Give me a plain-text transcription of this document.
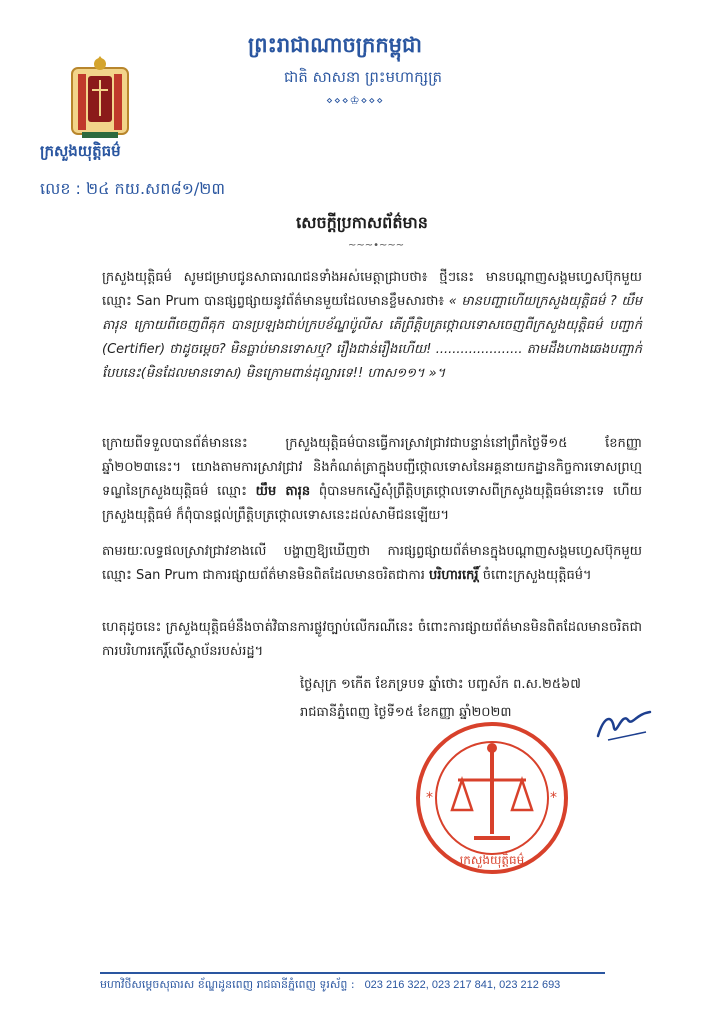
ព្រះរាជាណាចក្រកម្ពុជា
ជាតិ សាសនា ព្រះមហាក្សត្រ
⋄⋄⋄♔⋄⋄⋄
ក្រសួងយុត្តិធម៌
លេខ : ២៤ កយ.សព៨១/២៣
សេចក្តីប្រកាសព័ត៌មាន
~~~•~~~
ក្រសួងយុត្តិធម៌ សូមជម្រាបជូនសាធារណជនទាំងអស់មេត្តាជ្រាបថា៖ ថ្មីៗនេះ មានបណ្តាញសង្គមហ្វេសប៊ុកមួយឈ្មោះ San Prum បានផ្សព្វផ្សាយនូវព័ត៌មានមួយដែលមានខ្លឹមសារថា៖ « មានបញ្ហាហើយក្រសួងយុត្តិធម៌ ? យឹម តារុន ក្រោយពីចេញពីគុក បានប្រឡងជាប់ក្របខ័ណ្ឌប៉ូលីស តើព្រឹត្តិបត្រថ្កោលទោសចេញពីក្រសួងយុត្តិធម៌ បញ្ជាក់ (Certifier) ថាដូចម្តេច? មិនធ្លាប់មានទោសឬ? រឿងជាន់រឿងហើយ! ..................... តាមដឹងហាងឆេងបញ្ជាក់បែបនេះ(មិនដែលមានទោស) មិនក្រោមពាន់ដុល្លារទេ!! ហាស១១។ »។
ក្រោយពីទទួលបានព័ត៌មាននេះ ក្រសួងយុត្តិធម៌បានធ្វើការស្រាវជ្រាវជាបន្ទាន់នៅព្រឹកថ្ងៃទី១៥ ខែកញ្ញា ឆ្នាំ២០២៣នេះ។ យោងតាមការស្រាវជ្រាវ និងកំណត់ត្រាក្នុងបញ្ជីថ្កោលទោសនៃអគ្គនាយកដ្ឋានកិច្ចការទោសព្រហ្មទណ្ឌនៃក្រសួងយុត្តិធម៌ ឈ្មោះ យឹម តារុន ពុំបានមកស្នើសុំព្រឹត្តិបត្រថ្កោលទោសពីក្រសួងយុត្តិធម៌នោះទេ ហើយក្រសួងយុត្តិធម៌ ក៏ពុំបានផ្តល់ព្រឹត្តិបត្រថ្កោលទោសនេះដល់សាមីជនឡើយ។
តាមរយៈលទ្ធផលស្រាវជ្រាវខាងលើ បង្ហាញឱ្យឃើញថា ការផ្សព្វផ្សាយព័ត៌មានក្នុងបណ្តាញសង្គមហ្វេសប៊ុកមួយឈ្មោះ San Prum ជាការផ្សាយព័ត៌មានមិនពិតដែលមានចរិតជាការ បរិហារកេរ្តិ៍ ចំពោះក្រសួងយុត្តិធម៌។
ហេតុដូចនេះ ក្រសួងយុត្តិធម៌នឹងចាត់វិធានការផ្លូវច្បាប់លើករណីនេះ ចំពោះការផ្សាយព័ត៌មានមិនពិតដែលមានចរិតជាការបរិហារកេរ្តិ៍លើស្ថាប័នរបស់រដ្ឋ។
ថ្ងៃសុក្រ ១កើត ខែភទ្របទ ឆ្នាំថោះ បញ្ចស័ក ព.ស.២៥៦៧
រាជធានីភ្នំពេញ ថ្ងៃទី១៥ ខែកញ្ញា ឆ្នាំ២០២៣
ក្រសួងយុត្តិធម៌
*	*
មហាវិថីសម្តេចសុធារស ខ័ណ្ឌដូនពេញ រាជធានីភ្នំពេញ ទូរស័ព្ទ : 023 216 322, 023 217 841, 023 212 693
